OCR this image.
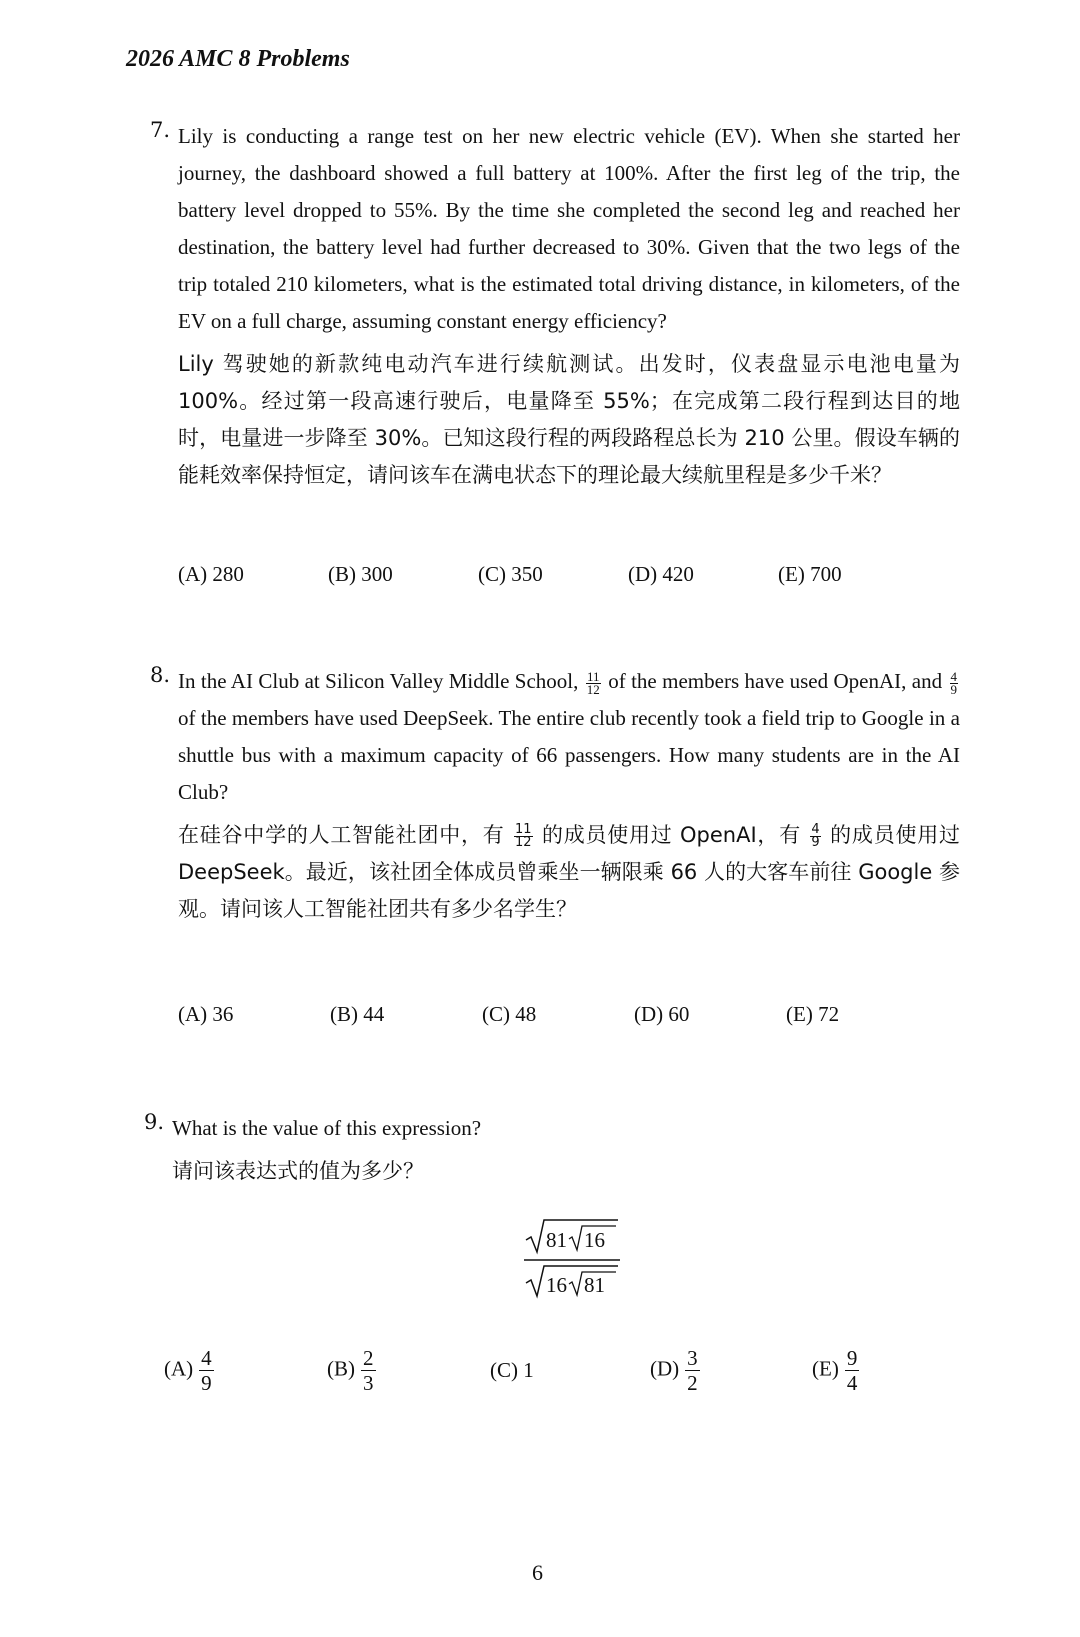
2026 AMC 8 Problems
7. Lily is conducting a range test on her new electric vehicle (EV). When she started her journey, the dashboard showed a full battery at 100%. After the first leg of the trip, the battery level dropped to 55%. By the time she completed the second leg and reached her destination, the battery level had further decreased to 30%. Given that the two legs of the trip totaled 210 kilometers, what is the estimated total driving distance, in kilometers, of the EV on a full charge, assuming constant energy efficiency?
Lily 驾驶她的新款纯电动汽车进行续航测试。出发时，仪表盘显示电池电量为 100%。经过第一段高速行驶后，电量降至 55%；在完成第二段行程到达目的地时，电量进一步降至 30%。已知这段行程的两段路程总长为 210 公里。假设车辆的能耗效率保持恒定，请问该车在满电状态下的理论最大续航里程是多少千米？
(A) 280	(B) 300	(C) 350	(D) 420	(E) 700
8. In the AI Club at Silicon Valley Middle School, $\frac{11}{12}$ of the members have used OpenAI, and $\frac{4}{9}$
of the members have used DeepSeek. The entire club recently took a field trip to Google in a shuttle bus with a maximum capacity of 66 passengers. How many students are in the AI Club?
在硅谷中学的人工智能社团中，有 $\frac{11}{12}$ 的成员使用过 OpenAI，有 $\frac{4}{9}$ 的成员使用过 DeepSeek。最近，该社团全体成员曾乘坐一辆限乘 66 人的大客车前往 Google 参观。请问该人工智能社团共有多少名学生？
(A) 36	(B) 44	(C) 48	(D) 60	(E) 72
9. What is the value of this expression?
请问该表达式的值为多少？
81 16
16 81
$(A) \frac{4}{9}$	$(B) \frac{2}{3}$	(C) 1	$(D) \frac{3}{2}$	$(E) \frac{9}{4}$
6
